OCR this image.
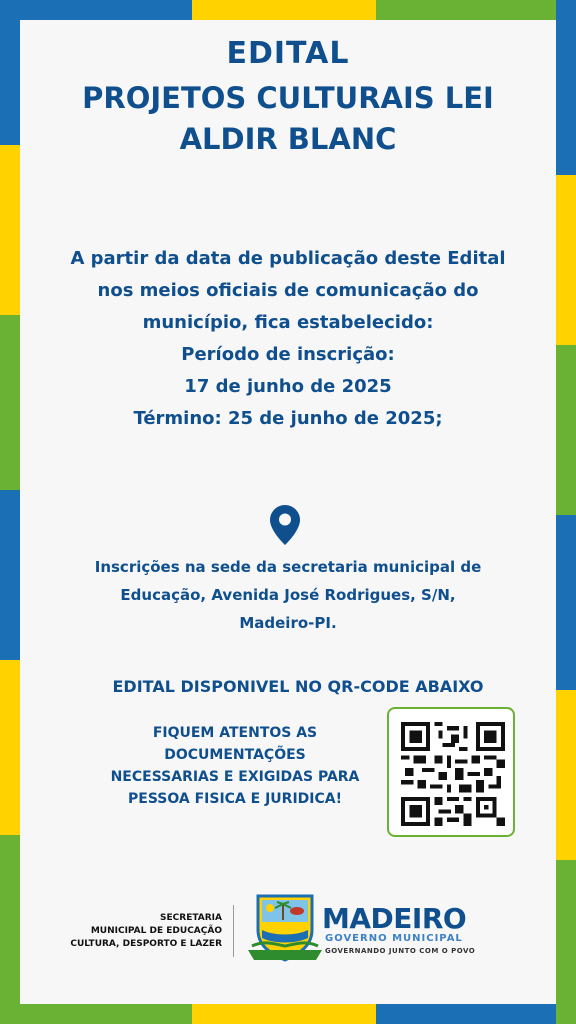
EDITAL
PROJETOS CULTURAIS LEI ALDIR BLANC
A partir da data de publicação deste Edital
nos meios oficiais de comunicação do
município, fica estabelecido:
Período de inscrição:
17 de junho de 2025
Término: 25 de junho de 2025;
Inscrições na sede da secretaria municipal de
Educação, Avenida José Rodrigues, S/N,
Madeiro-PI.
EDITAL DISPONIVEL NO QR-CODE ABAIXO
FIQUEM ATENTOS AS
DOCUMENTAÇÕES
NECESSARIAS E EXIGIDAS PARA
PESSOA FISICA E JURIDICA!
SECRETARIA
MUNICIPAL DE EDUCAÇÃO
CULTURA, DESPORTO E LAZER
MADEIRO
GOVERNO MUNICIPAL
GOVERNANDO JUNTO COM O POVO
